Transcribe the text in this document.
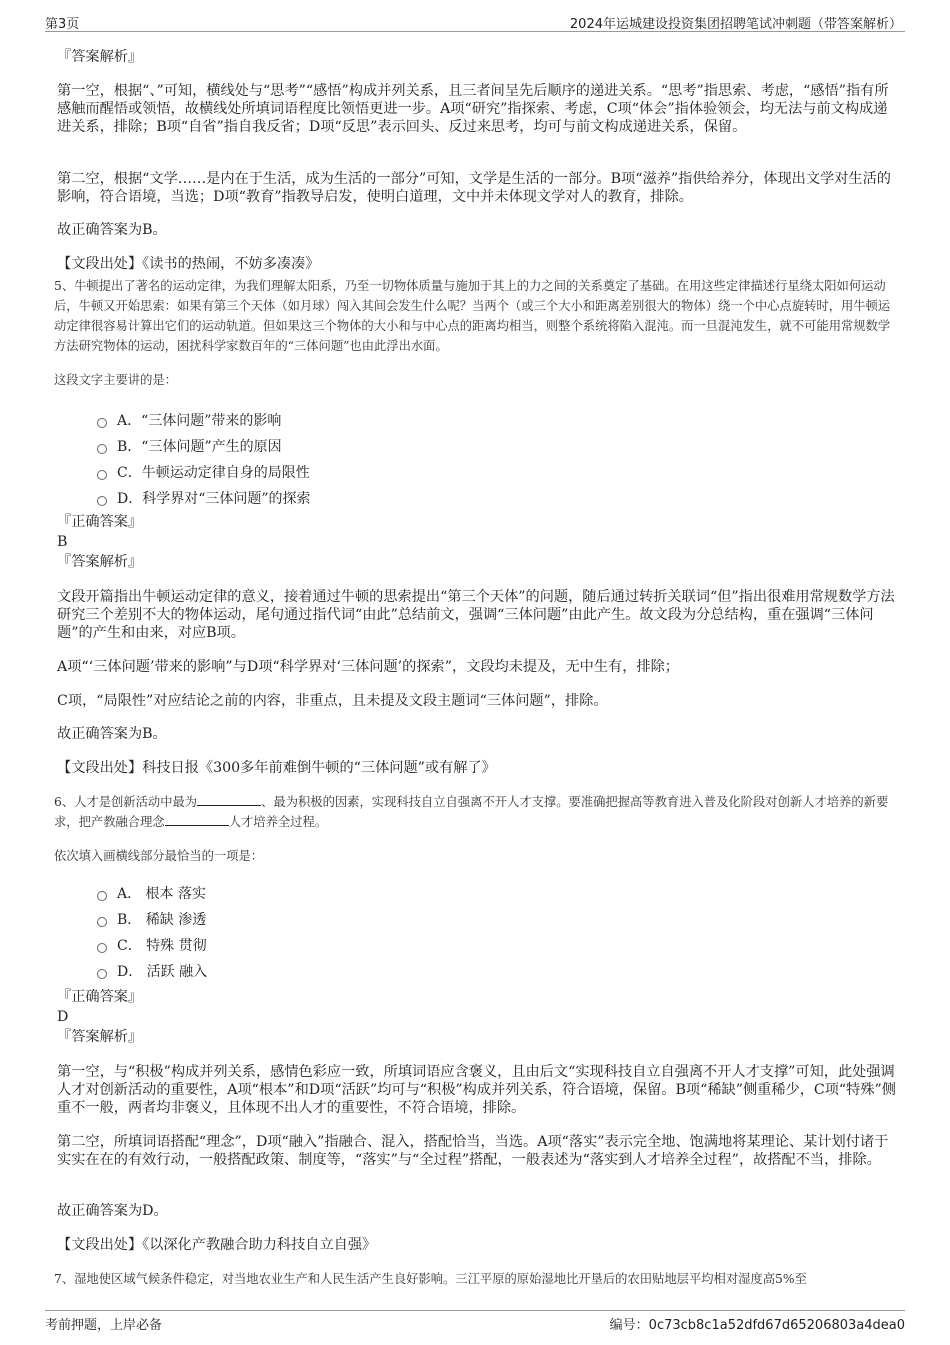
第3页	2024年运城建设投资集团招聘笔试冲刺题（带答案解析）
『答案解析』
第一空，根据“、”可知，横线处与“思考”“感悟”构成并列关系，且三者间呈先后顺序的递进关系。“思考”指思索、考虑，“感悟”指有所感触而醒悟或领悟，故横线处所填词语程度比领悟更进一步。A项“研究”指探索、考虑，C项“体会”指体验领会，均无法与前文构成递进关系，排除；B项“自省”指自我反省；D项“反思”表示回头、反过来思考，均可与前文构成递进关系，保留。
第二空，根据“文学……是内在于生活，成为生活的一部分”可知，文学是生活的一部分。B项“滋养”指供给养分，体现出文学对生活的影响，符合语境，当选；D项“教育”指教导启发，使明白道理，文中并未体现文学对人的教育，排除。
故正确答案为B。
【文段出处】《读书的热闹，不妨多凑凑》
5、牛顿提出了著名的运动定律，为我们理解太阳系，乃至一切物体质量与施加于其上的力之间的关系奠定了基础。在用这些定律描述行星绕太阳如何运动后，牛顿又开始思索：如果有第三个天体（如月球）闯入其间会发生什么呢？当两个（或三个大小和距离差别很大的物体）绕一个中心点旋转时，用牛顿运动定律很容易计算出它们的运动轨道。但如果这三个物体的大小和与中心点的距离均相当，则整个系统将陷入混沌。而一旦混沌发生，就不可能用常规数学方法研究物体的运动，困扰科学家数百年的“三体问题”也由此浮出水面。
这段文字主要讲的是：
A．“三体问题”带来的影响
B．“三体问题”产生的原因
C．牛顿运动定律自身的局限性
D．科学界对“三体问题”的探索
『正确答案』
B
『答案解析』
文段开篇指出牛顿运动定律的意义，接着通过牛顿的思索提出“第三个天体”的问题，随后通过转折关联词“但”指出很难用常规数学方法研究三个差别不大的物体运动，尾句通过指代词“由此”总结前文，强调“三体问题”由此产生。故文段为分总结构，重在强调“三体问题”的产生和由来，对应B项。
A项“‘三体问题’带来的影响”与D项“科学界对‘三体问题’的探索”，文段均未提及，无中生有，排除；
C项，“局限性”对应结论之前的内容，非重点，且未提及文段主题词“三体问题”，排除。
故正确答案为B。
【文段出处】科技日报《300多年前难倒牛顿的“三体问题”或有解了》
6、人才是创新活动中最为	、最为积极的因素，实现科技自立自强离不开人才支撑。要准确把握高等教育进入普及化阶段对创新人才培养的新要求，把产教融合理念	人才培养全过程。
依次填入画横线部分最恰当的一项是：
A． 根本 落实
B． 稀缺 渗透
C． 特殊 贯彻
D． 活跃 融入
『正确答案』
D
『答案解析』
第一空，与“积极”构成并列关系，感情色彩应一致，所填词语应含褒义，且由后文“实现科技自立自强离不开人才支撑”可知，此处强调人才对创新活动的重要性，A项“根本”和D项“活跃”均可与“积极”构成并列关系，符合语境，保留。B项“稀缺”侧重稀少，C项“特殊”侧重不一般，两者均非褒义，且体现不出人才的重要性，不符合语境，排除。
第二空，所填词语搭配“理念”，D项“融入”指融合、混入，搭配恰当，当选。A项“落实”表示完全地、饱满地将某理论、某计划付诸于实实在在的有效行动，一般搭配政策、制度等，“落实”与“全过程”搭配，一般表述为“落实到人才培养全过程”，故搭配不当，排除。
故正确答案为D。
【文段出处】《以深化产教融合助力科技自立自强》
7、湿地使区域气候条件稳定，对当地农业生产和人民生活产生良好影响。三江平原的原始湿地比开垦后的农田贴地层平均相对湿度高5%至
考前押题，上岸必备	编号：0c73cb8c1a52dfd67d65206803a4dea0
